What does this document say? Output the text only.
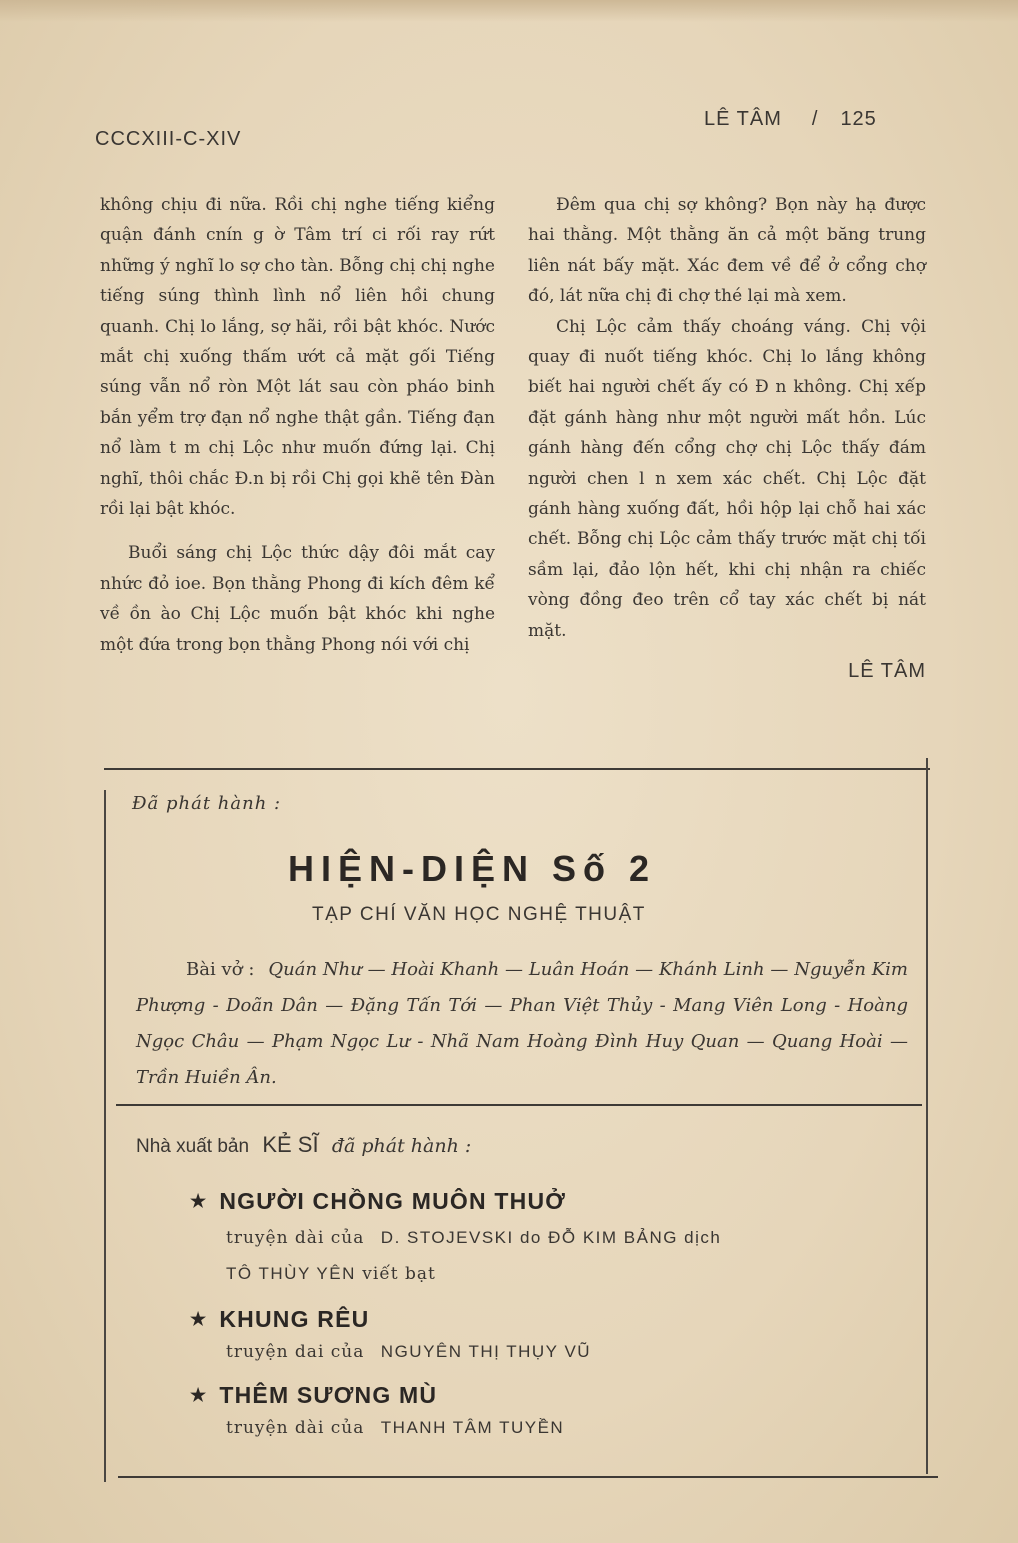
CCCXIII-C-XIV
LÊ TÂM / 125

không chịu đi nữa. Rồi chị nghe tiếng kiểng quận đánh cnín g ờ Tâm trí ci rối ray rứt những ý nghĩ lo sợ cho tàn. Bỗng chị chị nghe tiếng súng thình lình nổ liên hồi chung quanh. Chị lo lắng, sợ hãi, rồi bật khóc. Nước mắt chị xuống thấm ướt cả mặt gối Tiếng súng vẫn nổ ròn Một lát sau còn pháo binh bắn yểm trợ đạn nổ nghe thật gần. Tiếng đạn nổ làm t m chị Lộc như muốn đứng lại. Chị nghĩ, thôi chắc Đ.n bị rồi Chị gọi khẽ tên Đàn rồi lại bật khóc.

Buổi sáng chị Lộc thức dậy đôi mắt cay nhức đỏ ioe. Bọn thằng Phong đi kích đêm kể về ồn ào Chị Lộc muốn bật khóc khi nghe một đứa trong bọn thằng Phong nói với chị

Đêm qua chị sợ không? Bọn này hạ được hai thằng. Một thằng ăn cả một băng trung liên nát bấy mặt. Xác đem về để ở cổng chợ đó, lát nữa chị đi chợ thé lại mà xem.

Chị Lộc cảm thấy choáng váng. Chị vội quay đi nuốt tiếng khóc. Chị lo lắng không biết hai người chết ấy có Đ n không. Chị xếp đặt gánh hàng như một người mất hồn. Lúc gánh hàng đến cổng chợ chị Lộc thấy đám người chen l n xem xác chết. Chị Lộc đặt gánh hàng xuống đất, hồi hộp lại chỗ hai xác chết. Bỗng chị Lộc cảm thấy trước mặt chị tối sầm lại, đảo lộn hết, khi chị nhận ra chiếc vòng đồng đeo trên cổ tay xác chết bị nát mặt.

LÊ TÂM
Đã phát hành :
HIỆN-DIỆN Số 2
TẠP CHÍ VĂN HỌC NGHỆ THUẬT
Bài vở : Quán Như — Hoài Khanh — Luân Hoán — Khánh Linh — Nguyễn Kim Phượng - Doãn Dân — Đặng Tấn Tới — Phan Việt Thủy - Mang Viên Long - Hoàng Ngọc Châu — Phạm Ngọc Lư - Nhã Nam Hoàng Đình Huy Quan — Quang Hoài — Trần Huiền Ân.
Nhà xuất bản KẺ SĨ đã phát hành :
★ NGƯỜI CHỒNG MUÔN THUỞ
truyện dài của D. STOJEVSKI do ĐỖ KIM BẢNG dịch
TÔ THÙY YÊN viết bạt
★ KHUNG RÊU
truyện dai của NGUYÊN THỊ THỤY VŨ
★ THÊM SƯƠNG MÙ
truyện dài của THANH TÂM TUYỀN
